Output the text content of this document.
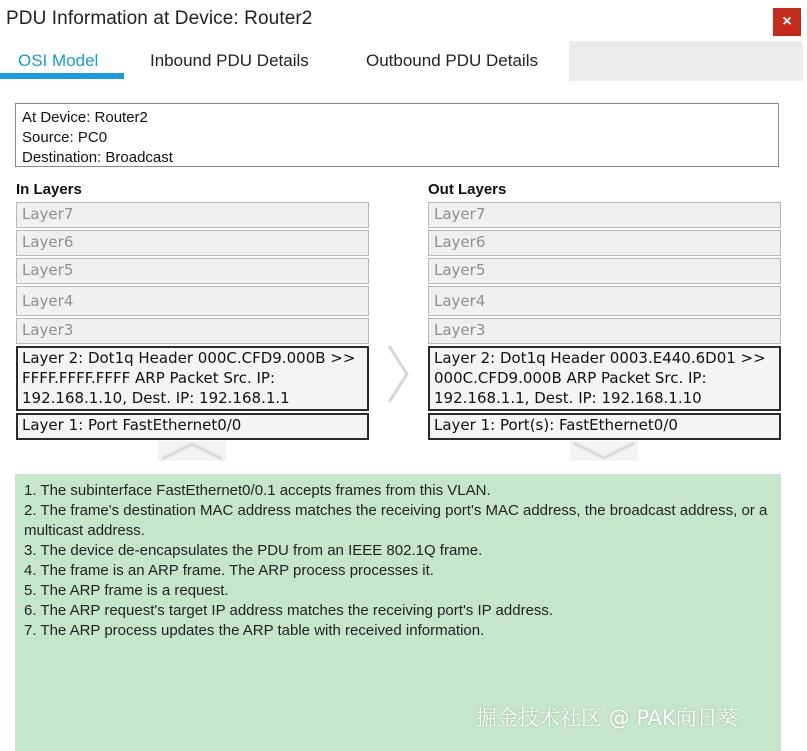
PDU Information at Device: Router2	×
OSI Model	Inbound PDU Details	Outbound PDU Details
At Device: Router2
Source: PC0
Destination: Broadcast
In Layers	Out Layers
Layer7
Layer6
Layer5
Layer4
Layer3
Layer 2: Dot1q Header 000C.CFD9.000B >> FFFF.FFFF.FFFF ARP Packet Src. IP: 192.168.1.10, Dest. IP: 192.168.1.1
Layer 1: Port FastEthernet0/0
Layer7
Layer6
Layer5
Layer4
Layer3
Layer 2: Dot1q Header 0003.E440.6D01 >> 000C.CFD9.000B ARP Packet Src. IP: 192.168.1.1, Dest. IP: 192.168.1.10
Layer 1: Port(s): FastEthernet0/0
1. The subinterface FastEthernet0/0.1 accepts frames from this VLAN.
2. The frame's destination MAC address matches the receiving port's MAC address, the broadcast address, or a multicast address.
3. The device de-encapsulates the PDU from an IEEE 802.1Q frame.
4. The frame is an ARP frame. The ARP process processes it.
5. The ARP frame is a request.
6. The ARP request's target IP address matches the receiving port's IP address.
7. The ARP process updates the ARP table with received information.
掘金技术社区 @ PAK向日葵
